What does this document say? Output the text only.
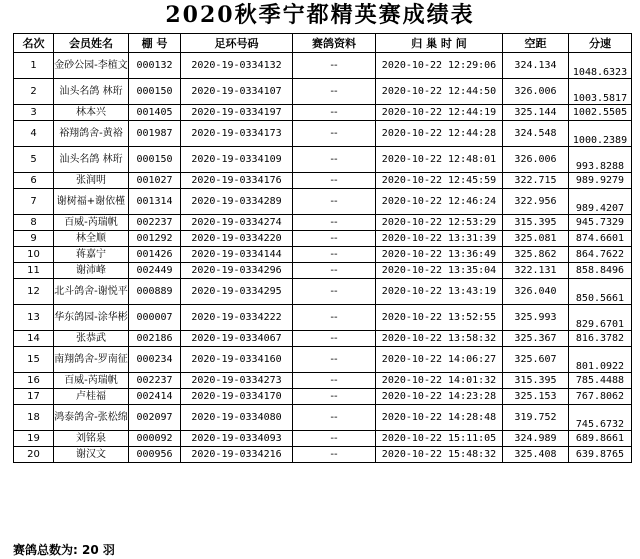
2020秋季宁都精英赛成绩表
名次	会员姓名	棚 号	足环号码	赛鸽资料	归 巢 时 间	空距	分速
1	金砂公园-李植文	000132	2020-19-0334132	--	2020-10-22 12:29:06	324.134	1048.6323
2	汕头名鸽 林珩	000150	2020-19-0334107	--	2020-10-22 12:44:50	326.006	1003.5817
3	林本兴	001405	2020-19-0334197	--	2020-10-22 12:44:19	325.144	1002.5505
4	裕翔鸽舍-黄裕	001987	2020-19-0334173	--	2020-10-22 12:44:28	324.548	1000.2389
5	汕头名鸽 林珩	000150	2020-19-0334109	--	2020-10-22 12:48:01	326.006	993.8288
6	张润明	001027	2020-19-0334176	--	2020-10-22 12:45:59	322.715	989.9279
7	谢树福+谢依槿	001314	2020-19-0334289	--	2020-10-22 12:46:24	322.956	989.4207
8	百威-芮瑞帆	002237	2020-19-0334274	--	2020-10-22 12:53:29	315.395	945.7329
9	林全顺	001292	2020-19-0334220	--	2020-10-22 13:31:39	325.081	874.6601
10	蒋嘉宁	001426	2020-19-0334144	--	2020-10-22 13:36:49	325.862	864.7622
11	谢沛峰	002449	2020-19-0334296	--	2020-10-22 13:35:04	322.131	858.8496
12	北斗鸽舍-谢悦平	000889	2020-19-0334295	--	2020-10-22 13:43:19	326.040	850.5661
13	华东鸽园-涂华彬	000007	2020-19-0334222	--	2020-10-22 13:52:55	325.993	829.6701
14	张恭武	002186	2020-19-0334067	--	2020-10-22 13:58:32	325.367	816.3782
15	南翔鸽舍-罗南征	000234	2020-19-0334160	--	2020-10-22 14:06:27	325.607	801.0922
16	百威-芮瑞帆	002237	2020-19-0334273	--	2020-10-22 14:01:32	315.395	785.4488
17	卢桂福	002414	2020-19-0334170	--	2020-10-22 14:23:28	325.153	767.8062
18	鸿泰鸽舍-张松绵	002097	2020-19-0334080	--	2020-10-22 14:28:48	319.752	745.6732
19	刘铭泉	000092	2020-19-0334093	--	2020-10-22 15:11:05	324.989	689.8661
20	谢汉文	000956	2020-19-0334216	--	2020-10-22 15:48:32	325.408	639.8765
赛鸽总数为: 20 羽
